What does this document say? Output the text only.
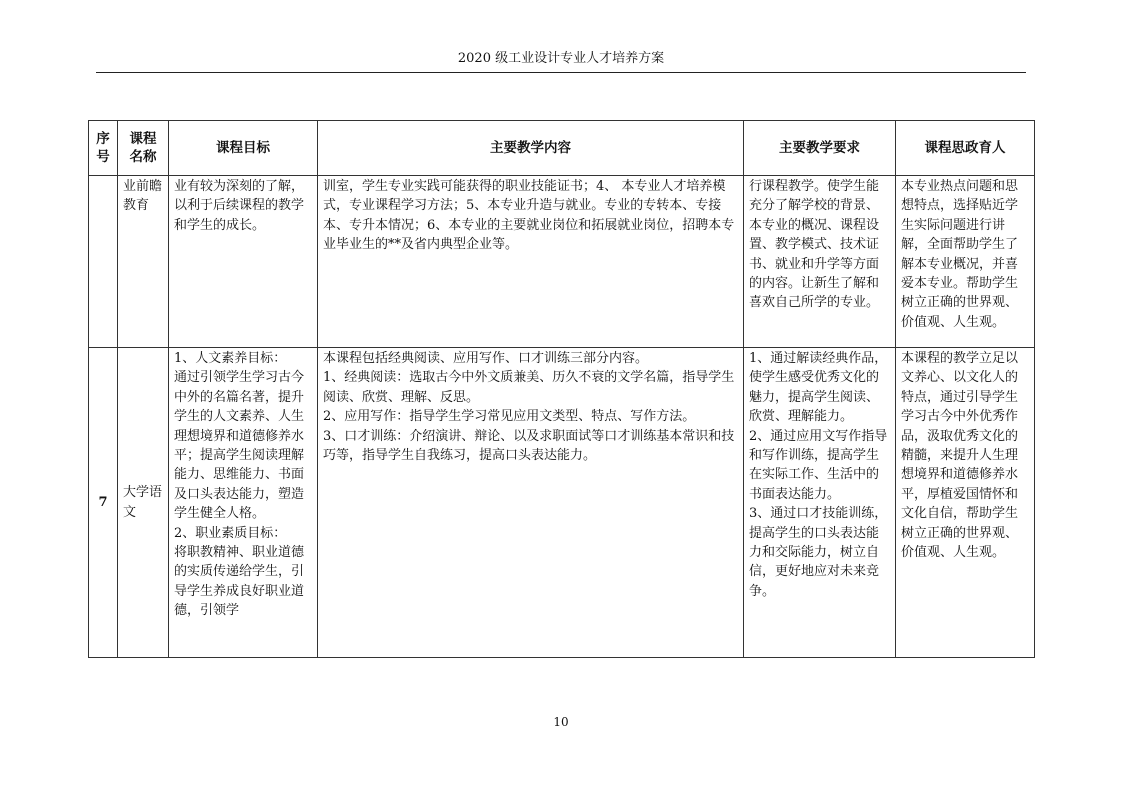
2020 级工业设计专业人才培养方案
序
号	课程
名称	课程目标	主要教学内容	主要教学要求	课程思政育人
	业前瞻
教育	业有较为深刻的了解，以利于后续课程的教学和学生的成长。	训室，学生专业实践可能获得的职业技能证书；4、 本专业人才培养模式，专业课程学习方法；5、本专业升造与就业。专业的专转本、专接本、专升本情况；6、本专业的主要就业岗位和拓展就业岗位，招聘本专业毕业生的**及省内典型企业等。	行课程教学。使学生能充分了解学校的背景、本专业的概况、课程设置、教学模式、技术证书、就业和升学等方面的内容。让新生了解和喜欢自己所学的专业。	本专业热点问题和思想特点，选择贴近学生实际问题进行讲解，全面帮助学生了解本专业概况，并喜爱本专业。帮助学生树立正确的世界观、价值观、人生观。
7	大学语
文	1、人文素养目标：
通过引领学生学习古今中外的名篇名著，提升学生的人文素养、人生理想境界和道德修养水平；提高学生阅读理解能力、思维能力、书面及口头表达能力，塑造学生健全人格。
2、职业素质目标：
将职教精神、职业道德的实质传递给学生，引导学生养成良好职业道德，引领学	本课程包括经典阅读、应用写作、口才训练三部分内容。
1、经典阅读：选取古今中外文质兼美、历久不衰的文学名篇，指导学生阅读、欣赏、理解、反思。
2、应用写作：指导学生学习常见应用文类型、特点、写作方法。
3、口才训练：介绍演讲、辩论、以及求职面试等口才训练基本常识和技巧等，指导学生自我练习，提高口头表达能力。	1、通过解读经典作品，使学生感受优秀文化的魅力，提高学生阅读、欣赏、理解能力。
2、通过应用文写作指导和写作训练，提高学生在实际工作、生活中的书面表达能力。
3、通过口才技能训练，提高学生的口头表达能力和交际能力，树立自信，更好地应对未来竞争。	本课程的教学立足以文养心、以文化人的特点，通过引导学生学习古今中外优秀作品，汲取优秀文化的精髓，来提升人生理想境界和道德修养水平，厚植爱国情怀和文化自信，帮助学生树立正确的世界观、价值观、人生观。
10
